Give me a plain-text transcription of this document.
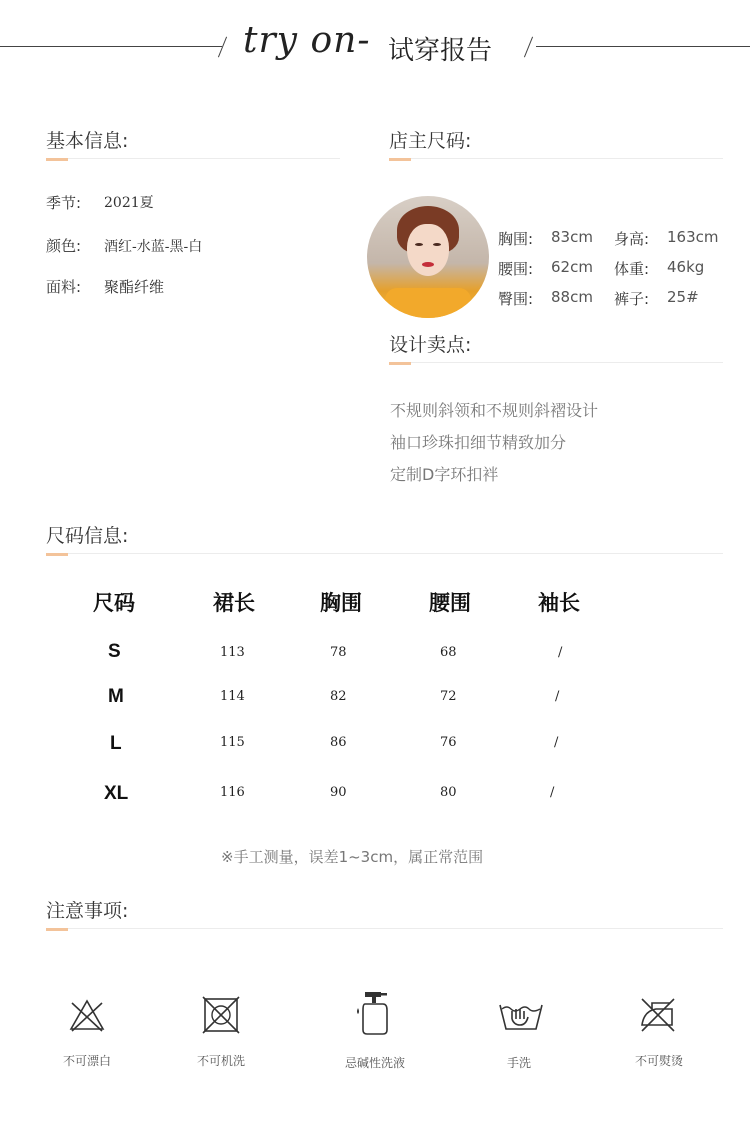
try on- 试穿报告
基本信息:
季节: 2021夏
颜色: 酒红-水蓝-黑-白
面料: 聚酯纤维
店主尺码:
胸围: 83cm 身高: 163cm
腰围: 62cm 体重: 46kg
臀围: 88cm 裤子: 25#
设计卖点:
不规则斜领和不规则斜褶设计
袖口珍珠扣细节精致加分
定制D字环扣袢
尺码信息:
尺码	裙长	胸围	腰围	袖长
S	113	78	68	/
M	114	82	72	/
L	115	86	76	/
XL	116	90	80	/
※手工测量，误差1~3cm，属正常范围
注意事项:
不可漂白	不可机洗	忌碱性洗液	手洗	不可熨烫
